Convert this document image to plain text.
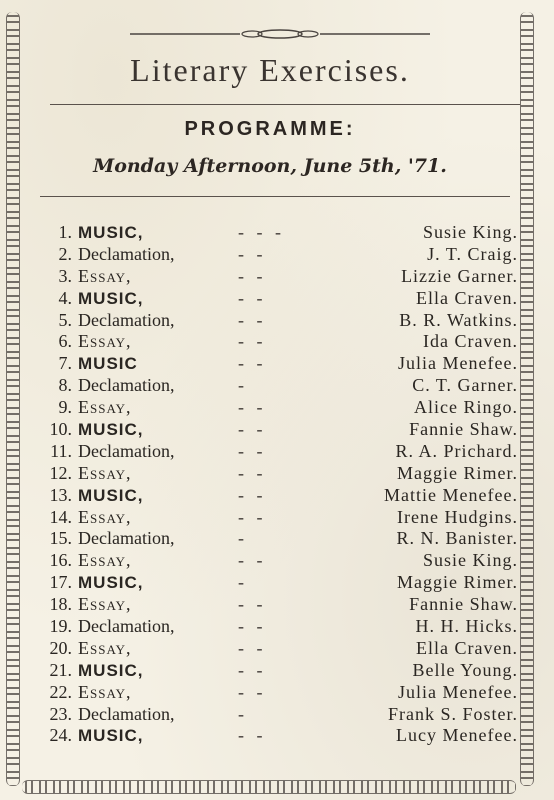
Literary Exercises.
PROGRAMME:
Monday Afternoon, June 5th, '71.
1. MUSIC,	- - -	Susie King.
2. Declamation,	- -	J. T. Craig.
3. Essay,	- -	Lizzie Garner.
4. MUSIC,	- -	Ella Craven.
5. Declamation,	- -	B. R. Watkins.
6. Essay,	- -	Ida Craven.
7. MUSIC	- -	Julia Menefee.
8. Declamation,	-	C. T. Garner.
9. Essay,	- -	Alice Ringo.
10. MUSIC,	- -	Fannie Shaw.
11. Declamation,	- -	R. A. Prichard.
12. Essay,	- -	Maggie Rimer.
13. MUSIC,	- -	Mattie Menefee.
14. Essay,	- -	Irene Hudgins.
15. Declamation,	-	R. N. Banister.
16. Essay,	- -	Susie King.
17. MUSIC,	-	Maggie Rimer.
18. Essay,	- -	Fannie Shaw.
19. Declamation,	- -	H. H. Hicks.
20. Essay,	- -	Ella Craven.
21. MUSIC,	- -	Belle Young.
22. Essay,	- -	Julia Menefee.
23. Declamation,	-	Frank S. Foster.
24. MUSIC,	- -	Lucy Menefee.
